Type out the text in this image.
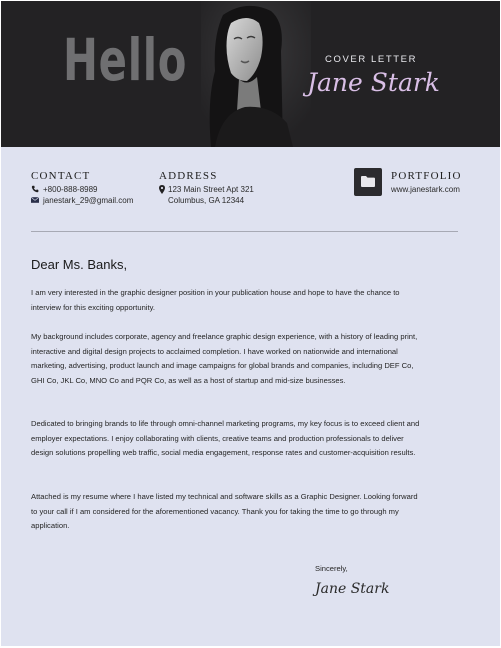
Hello	COVER LETTER
Jane Stark
CONTACT
+800-888-8989
janestark_29@gmail.com
ADDRESS
123 Main Street Apt 321
Columbus, GA 12344
PORTFOLIO
www.janestark.com
Dear Ms. Banks,

I am very interested in the graphic designer position in your publication house and hope to have the chance to interview for this exciting opportunity.

My background includes corporate, agency and freelance graphic design experience, with a history of leading print, interactive and digital design projects to acclaimed completion. I have worked on nationwide and international marketing, advertising, product launch and image campaigns for global brands and companies, including DEF Co, GHI Co, JKL Co, MNO Co and PQR Co, as well as a host of startup and mid-size businesses.

Dedicated to bringing brands to life through omni-channel marketing programs, my key focus is to exceed client and employer expectations. I enjoy collaborating with clients, creative teams and production professionals to deliver design solutions propelling web traffic, social media engagement, response rates and customer-acquisition results.

Attached is my resume where I have listed my technical and software skills as a Graphic Designer. Looking forward to your call if I am considered for the aforementioned vacancy. Thank you for taking the time to go through my application.

Sincerely,
Jane Stark
